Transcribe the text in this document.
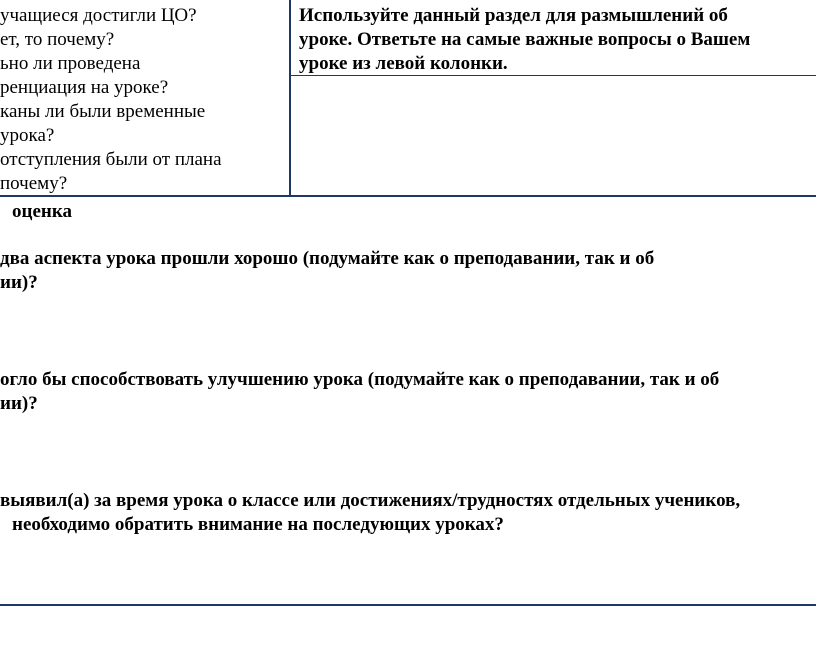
учащиеся достигли ЦО?
ет, то почему?
ьно ли проведена
ренциация на уроке?
каны ли были временные
урока?
отступления были от плана
почему?
Используйте данный раздел для размышлений об
уроке. Ответьте на самые важные вопросы о Вашем
уроке из левой колонки.
оценка
два аспекта урока прошли хорошо (подумайте как о преподавании, так и об
ии)?
огло бы способствовать улучшению урока (подумайте как о преподавании, так и об
ии)?
выявил(а) за время урока о классе или достижениях/трудностях отдельных учеников,
необходимо обратить внимание на последующих уроках?
